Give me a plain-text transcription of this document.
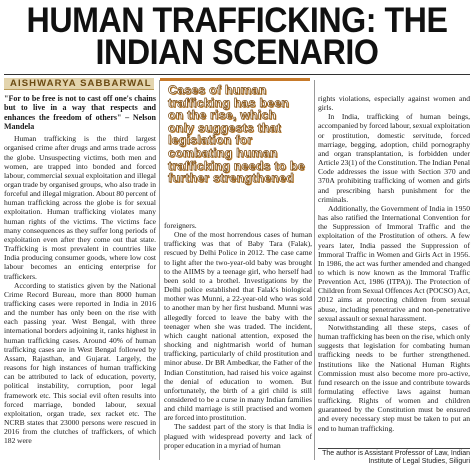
HUMAN TRAFFICKING: THE
INDIAN SCENARIO
AISHWARYA SABBARWAL

"For to be free is not to cast off one's chains but to live in a way that respects and enhances the freedom of others" – Nelson Mandela

Human trafficking is the third largest organised crime after drugs and arms trade across the globe. Unsuspecting victims, both men and women, are trapped into bonded and forced labour, commercial sexual exploitation and illegal organ trade by organised groups, who also trade in forceful and illegal migration. About 80 percent of human trafficking across the globe is for sexual exploitation. Human trafficking violates many human rights of the victims. The victims face many consequences as they suffer long periods of exploitation even after they come out that state. Trafficking is most prevalent in countries like India producing consumer goods, where low cost labour becomes an enticing enterprise for traffickers.

According to statistics given by the National Crime Record Bureau, more than 8000 human trafficking cases were reported in India in 2016 and the number has only been on the rise with each passing year. West Bengal, with three international borders adjoining it, ranks highest in human trafficking cases. Around 40% of human trafficking cases are in West Bengal followed by Assam, Rajasthan, and Gujarat. Largely, the reasons for high instances of human trafficking can be attributed to lack of education, poverty, political instability, corruption, poor legal framework etc. This social evil often results into forced marriage, bonded labour, sexual exploitation, organ trade, sex racket etc. The NCRB states that 23000 persons were rescued in 2016 from the clutches of traffickers, of which 182 were

Cases of human trafficking has been on the rise, which only suggests that legislation for combating human trafficking needs to be further strengthened

foreigners.

One of the most horrendous cases of human trafficking was that of Baby Tara (Falak), rescued by Delhi Police in 2012. The case came to light after the two-year-old baby was brought to the AIIMS by a teenage girl, who herself had been sold to a brothel. Investigations by the Delhi police established that Falak's biological mother was Munni, a 22-year-old who was sold to another man by her first husband. Munni was allegedly forced to leave the baby with the teenager when she was traded. The incident, which caught national attention, exposed the shocking and nightmarish world of human trafficking, particularly of child prostitution and minor abuse. Dr BR Ambedkar, the Father of the Indian Constitution, had raised his voice against the denial of education to women. But unfortunately, the birth of a girl child is still considered to be a curse in many Indian families and child marriage is still practised and women are forced into prostitution.

The saddest part of the story is that India is plagued with widespread poverty and lack of proper education in a myriad of human

rights violations, especially against women and girls.

In India, trafficking of human beings, accompanied by forced labour, sexual exploitation or prostitution, domestic servitude, forced marriage, begging, adoption, child pornography and organ transplantation, is forbidden under Article 23(1) of the Constitution. The Indian Penal Code addresses the issue with Section 370 and 370A prohibiting trafficking of women and girls and prescribing harsh punishment for the criminals.

Additionally, the Government of India in 1950 has also ratified the International Convention for the Suppression of Immoral Traffic and the exploitation of the Prostitution of others. A few years later, India passed the Suppression of Immoral Traffic in Women and Girls Act in 1956. In 1986, the act was further amended and changed to which is now known as the Immoral Traffic Prevention Act, 1986 (ITPA)). The Protection of Children from Sexual Offences Act (POCSO) Act, 2012 aims at protecting children from sexual abuse, including penetrative and non-penetrative sexual assault or sexual harassment.

Notwithstanding all these steps, cases of human trafficking has been on the rise, which only suggests that legislation for combating human trafficking needs to be further strengthened. Institutions like the National Human Rights Commission must also become more pro-active, fund research on the issue and contribute towards formulating effective laws against human trafficking. Rights of women and children guaranteed by the Constitution must be ensured and every necessary step must be taken to put an end to human trafficking.

The author is Assistant Professor of Law, Indian Institute of Legal Studies, Siliguri
